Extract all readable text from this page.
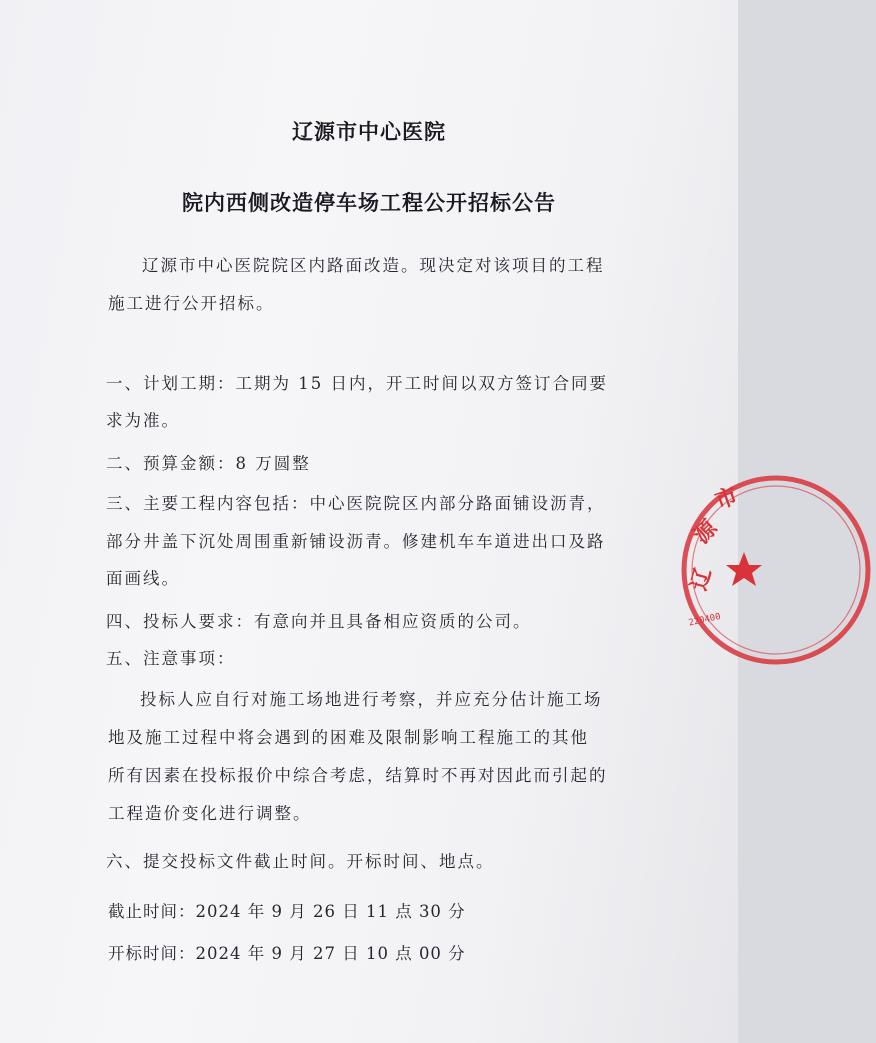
辽源市中心医院
院内西侧改造停车场工程公开招标公告

辽源市中心医院院区内路面改造。现决定对该项目的工程

施工进行公开招标。

一、计划工期：工期为 15 日内，开工时间以双方签订合同要

求为准。

二、预算金额：8 万圆整

三、主要工程内容包括：中心医院院区内部分路面铺设沥青，

部分井盖下沉处周围重新铺设沥青。修建机车车道进出口及路

面画线。

四、投标人要求：有意向并且具备相应资质的公司。

五、注意事项：

投标人应自行对施工场地进行考察，并应充分估计施工场

地及施工过程中将会遇到的困难及限制影响工程施工的其他

所有因素在投标报价中综合考虑，结算时不再对因此而引起的

工程造价变化进行调整。

六、提交投标文件截止时间。开标时间、地点。

截止时间：2024 年 9 月 26 日 11 点 30 分

开标时间：2024 年 9 月 27 日 10 点 00 分

辽
源
市
220400
